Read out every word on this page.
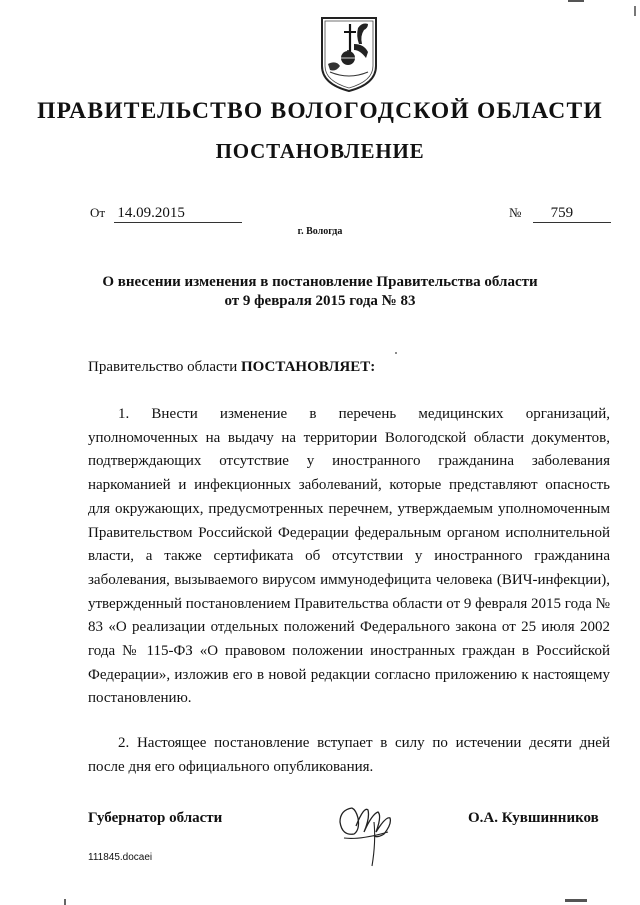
ПРАВИТЕЛЬСТВО ВОЛОГОДСКОЙ ОБЛАСТИ
ПОСТАНОВЛЕНИЕ
От 14.09.2015	№ 759
г. Вологда
О внесении изменения в постановление Правительства области
от 9 февраля 2015 года № 83
Правительство области ПОСТАНОВЛЯЕТ:

1. Внести изменение в перечень медицинских организаций, уполномоченных на выдачу на территории Вологодской области документов, подтверждающих отсутствие у иностранного гражданина заболевания наркоманией и инфекционных заболеваний, которые представляют опасность для окружающих, предусмотренных перечнем, утверждаемым уполномоченным Правительством Российской Федерации федеральным органом исполнительной власти, а также сертификата об отсутствии у иностранного гражданина заболевания, вызываемого вирусом иммунодефицита человека (ВИЧ-инфекции), утвержденный постановлением Правительства области от 9 февраля 2015 года № 83 «О реализации отдельных положений Федерального закона от 25 июля 2002 года № 115-ФЗ «О правовом положении иностранных граждан в Российской Федерации», изложив его в новой редакции согласно приложению к настоящему постановлению.

2. Настоящее постановление вступает в силу по истечении десяти дней после дня его официального опубликования.

Губернатор области	О.А. Кувшинников
111845.docaei
